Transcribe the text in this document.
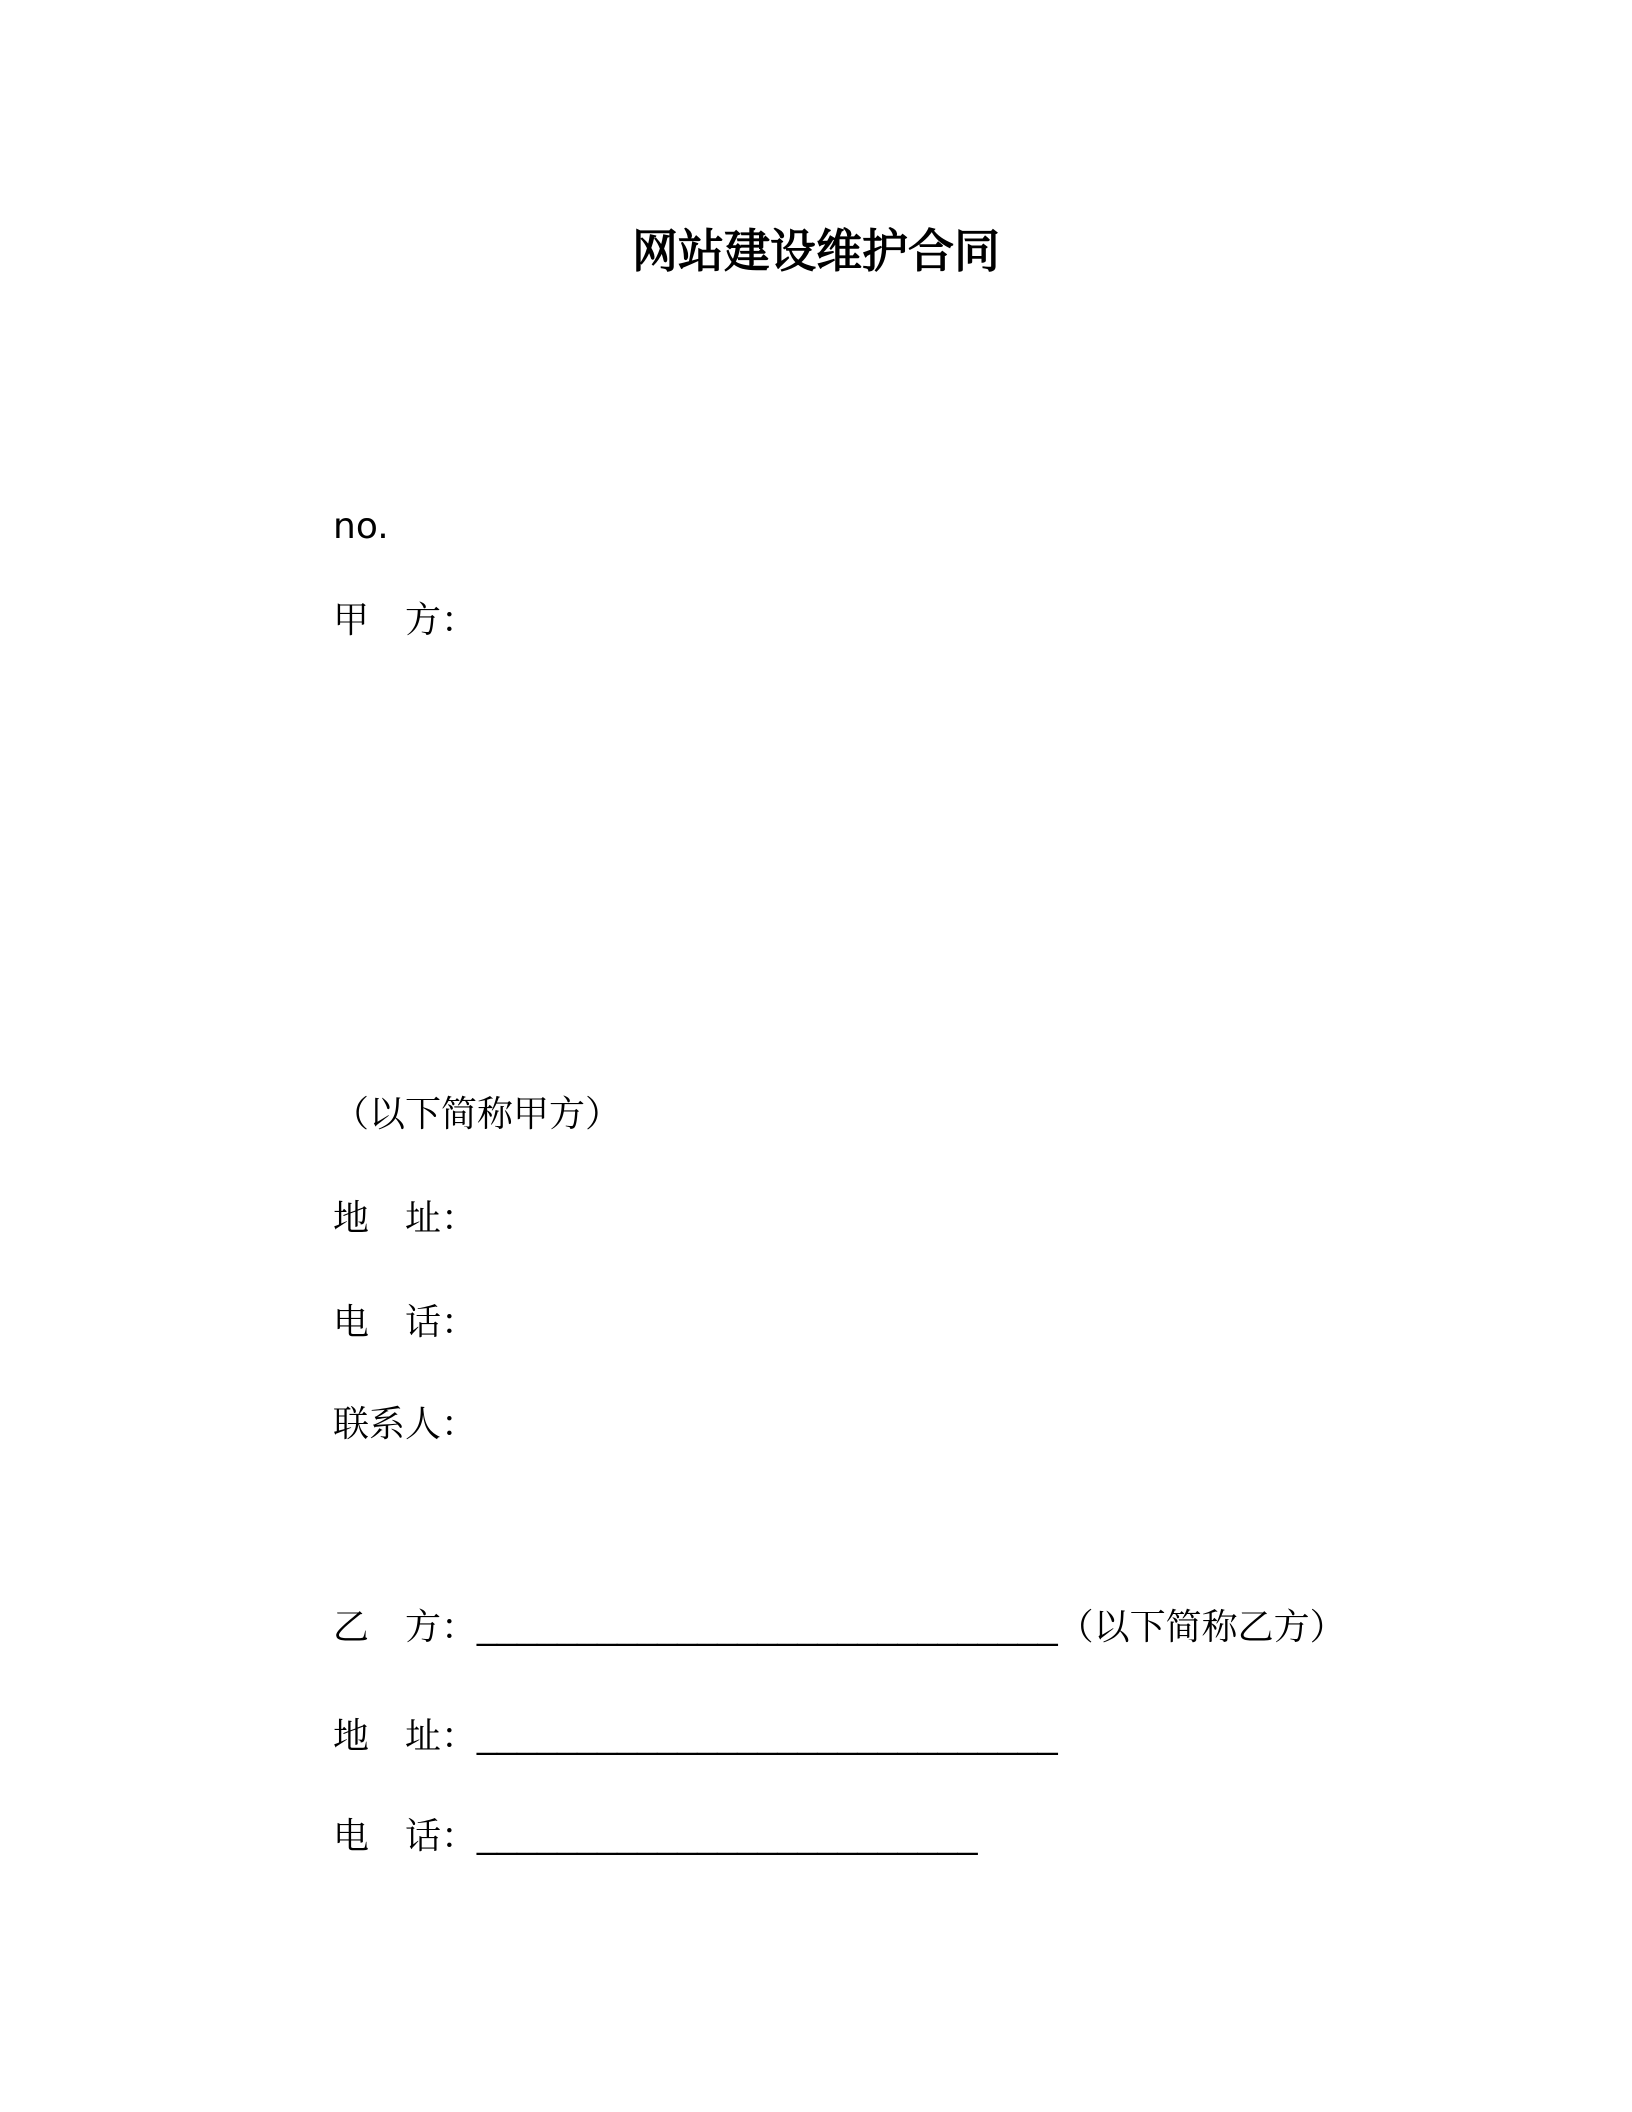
网站建设维护合同
no.
甲　方：
（以下简称甲方）
地　址：
电　话：
联系人：
乙　方：_____________________________（以下简称乙方）
地　址：_____________________________
电　话：_________________________
